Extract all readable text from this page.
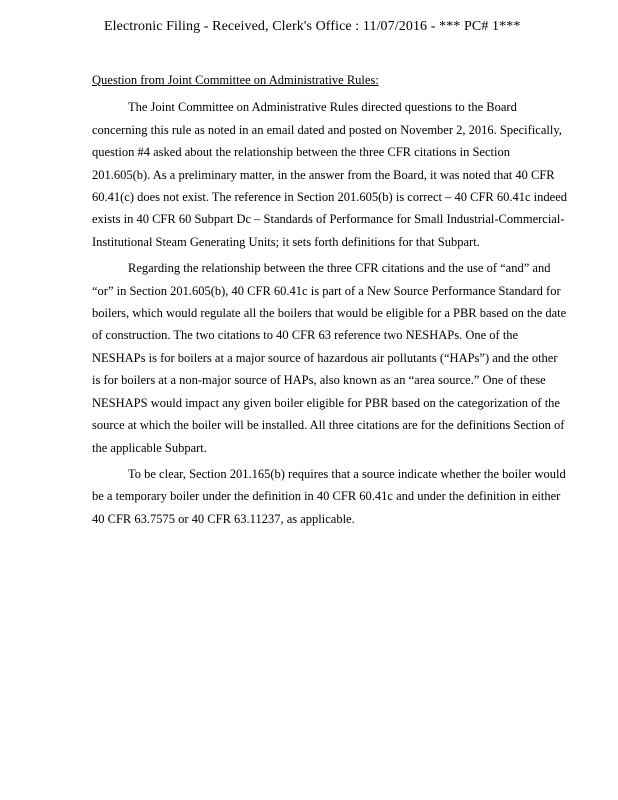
Electronic Filing - Received, Clerk's Office : 11/07/2016 - *** PC# 1***

Question from Joint Committee on Administrative Rules:

The Joint Committee on Administrative Rules directed questions to the Board concerning this rule as noted in an email dated and posted on November 2, 2016. Specifically, question #4 asked about the relationship between the three CFR citations in Section 201.605(b). As a preliminary matter, in the answer from the Board, it was noted that 40 CFR 60.41(c) does not exist. The reference in Section 201.605(b) is correct – 40 CFR 60.41c indeed exists in 40 CFR 60 Subpart Dc – Standards of Performance for Small Industrial-Commercial-Institutional Steam Generating Units; it sets forth definitions for that Subpart.

Regarding the relationship between the three CFR citations and the use of “and” and “or” in Section 201.605(b), 40 CFR 60.41c is part of a New Source Performance Standard for boilers, which would regulate all the boilers that would be eligible for a PBR based on the date of construction. The two citations to 40 CFR 63 reference two NESHAPs. One of the NESHAPs is for boilers at a major source of hazardous air pollutants (“HAPs”) and the other is for boilers at a non-major source of HAPs, also known as an “area source.” One of these NESHAPS would impact any given boiler eligible for PBR based on the categorization of the source at which the boiler will be installed. All three citations are for the definitions Section of the applicable Subpart.

To be clear, Section 201.165(b) requires that a source indicate whether the boiler would be a temporary boiler under the definition in 40 CFR 60.41c and under the definition in either 40 CFR 63.7575 or 40 CFR 63.11237, as applicable.
